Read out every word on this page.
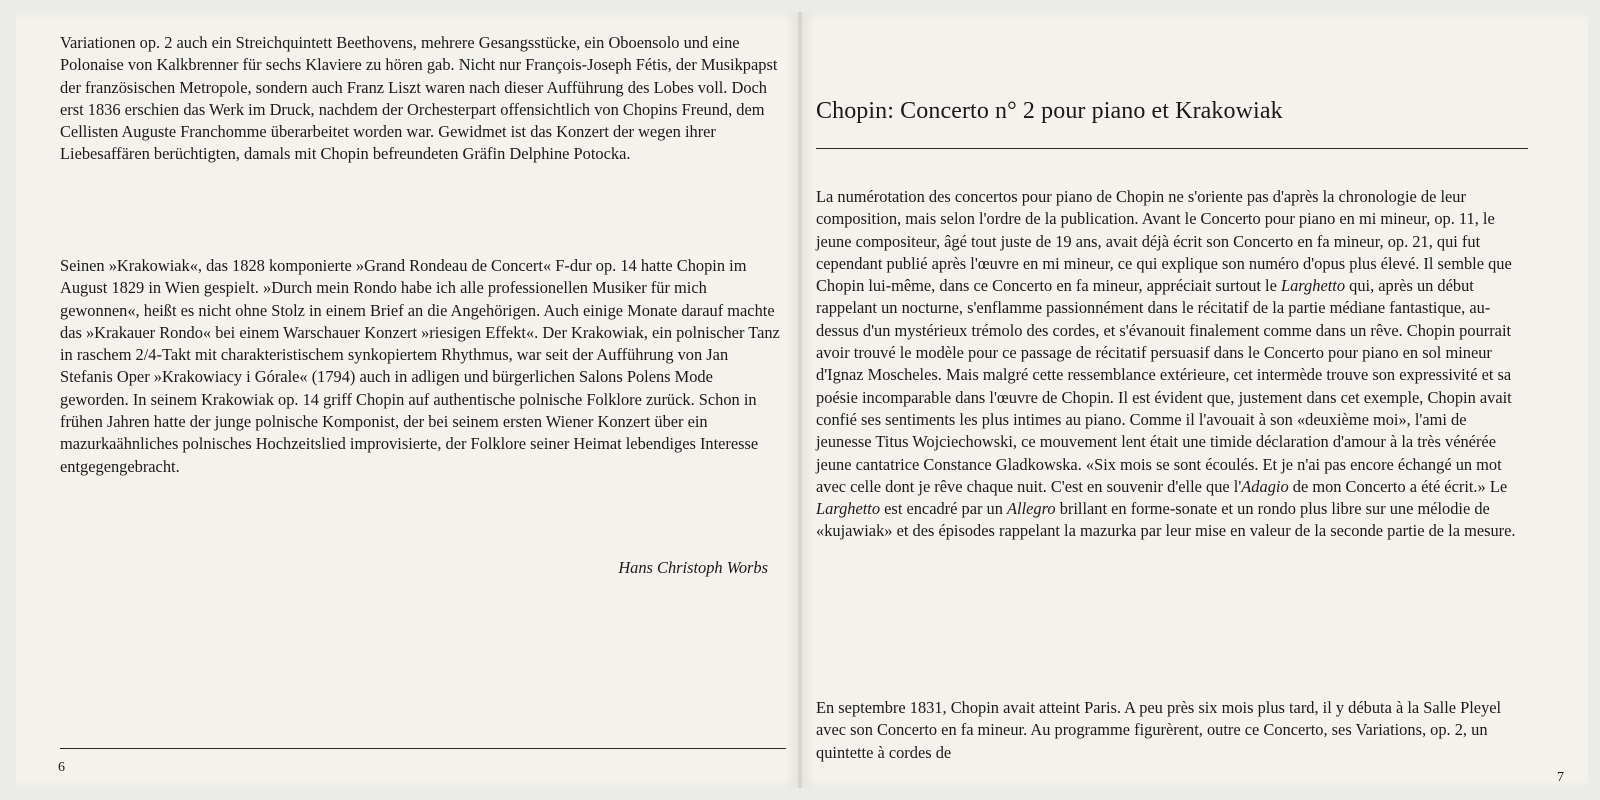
Variationen op. 2 auch ein Streichquintett Beethovens, mehrere Gesangsstücke, ein Oboensolo und eine Polonaise von Kalkbrenner für sechs Klaviere zu hören gab. Nicht nur François-Joseph Fétis, der Musikpapst der französischen Metropole, sondern auch Franz Liszt waren nach dieser Aufführung des Lobes voll. Doch erst 1836 erschien das Werk im Druck, nachdem der Orchesterpart offensichtlich von Chopins Freund, dem Cellisten Auguste Franchomme überarbeitet worden war. Gewidmet ist das Konzert der wegen ihrer Liebesaffären berüchtigten, damals mit Chopin befreundeten Gräfin Delphine Potocka.

Seinen »Krakowiak«, das 1828 komponierte »Grand Rondeau de Concert« F-dur op. 14 hatte Chopin im August 1829 in Wien gespielt. »Durch mein Rondo habe ich alle professionellen Musiker für mich gewonnen«, heißt es nicht ohne Stolz in einem Brief an die Angehörigen. Auch einige Monate darauf machte das »Krakauer Rondo« bei einem Warschauer Konzert »riesigen Effekt«. Der Krakowiak, ein polnischer Tanz in raschem 2/4-Takt mit charakteristischem synkopiertem Rhythmus, war seit der Aufführung von Jan Stefanis Oper »Krakowiacy i Górale« (1794) auch in adligen und bürgerlichen Salons Polens Mode geworden. In seinem Krakowiak op. 14 griff Chopin auf authentische polnische Folklore zurück. Schon in frühen Jahren hatte der junge polnische Komponist, der bei seinem ersten Wiener Konzert über ein mazurkaähnliches polnisches Hochzeitslied improvisierte, der Folklore seiner Heimat lebendiges Interesse entgegengebracht.

Hans Christoph Worbs
6
Chopin: Concerto n° 2 pour piano et Krakowiak

La numérotation des concertos pour piano de Chopin ne s'oriente pas d'après la chronologie de leur composition, mais selon l'ordre de la publication. Avant le Concerto pour piano en mi mineur, op. 11, le jeune compositeur, âgé tout juste de 19 ans, avait déjà écrit son Concerto en fa mineur, op. 21, qui fut cependant publié après l'œuvre en mi mineur, ce qui explique son numéro d'opus plus élevé. Il semble que Chopin lui-même, dans ce Concerto en fa mineur, appréciait surtout le Larghetto qui, après un début rappelant un nocturne, s'enflamme passionnément dans le récitatif de la partie médiane fantastique, au-dessus d'un mystérieux trémolo des cordes, et s'évanouit finalement comme dans un rêve. Chopin pourrait avoir trouvé le modèle pour ce passage de récitatif persuasif dans le Concerto pour piano en sol mineur d'Ignaz Moscheles. Mais malgré cette ressemblance extérieure, cet intermède trouve son expressivité et sa poésie incomparable dans l'œuvre de Chopin. Il est évident que, justement dans cet exemple, Chopin avait confié ses sentiments les plus intimes au piano. Comme il l'avouait à son «deuxième moi», l'ami de jeunesse Titus Wojciechowski, ce mouvement lent était une timide déclaration d'amour à la très vénérée jeune cantatrice Constance Gladkowska. «Six mois se sont écoulés. Et je n'ai pas encore échangé un mot avec celle dont je rêve chaque nuit. C'est en souvenir d'elle que l'Adagio de mon Concerto a été écrit.» Le Larghetto est encadré par un Allegro brillant en forme-sonate et un rondo plus libre sur une mélodie de «kujawiak» et des épisodes rappelant la mazurka par leur mise en valeur de la seconde partie de la mesure.

En septembre 1831, Chopin avait atteint Paris. A peu près six mois plus tard, il y débuta à la Salle Pleyel avec son Concerto en fa mineur. Au programme figurèrent, outre ce Concerto, ses Variations, op. 2, un quintette à cordes de

7
